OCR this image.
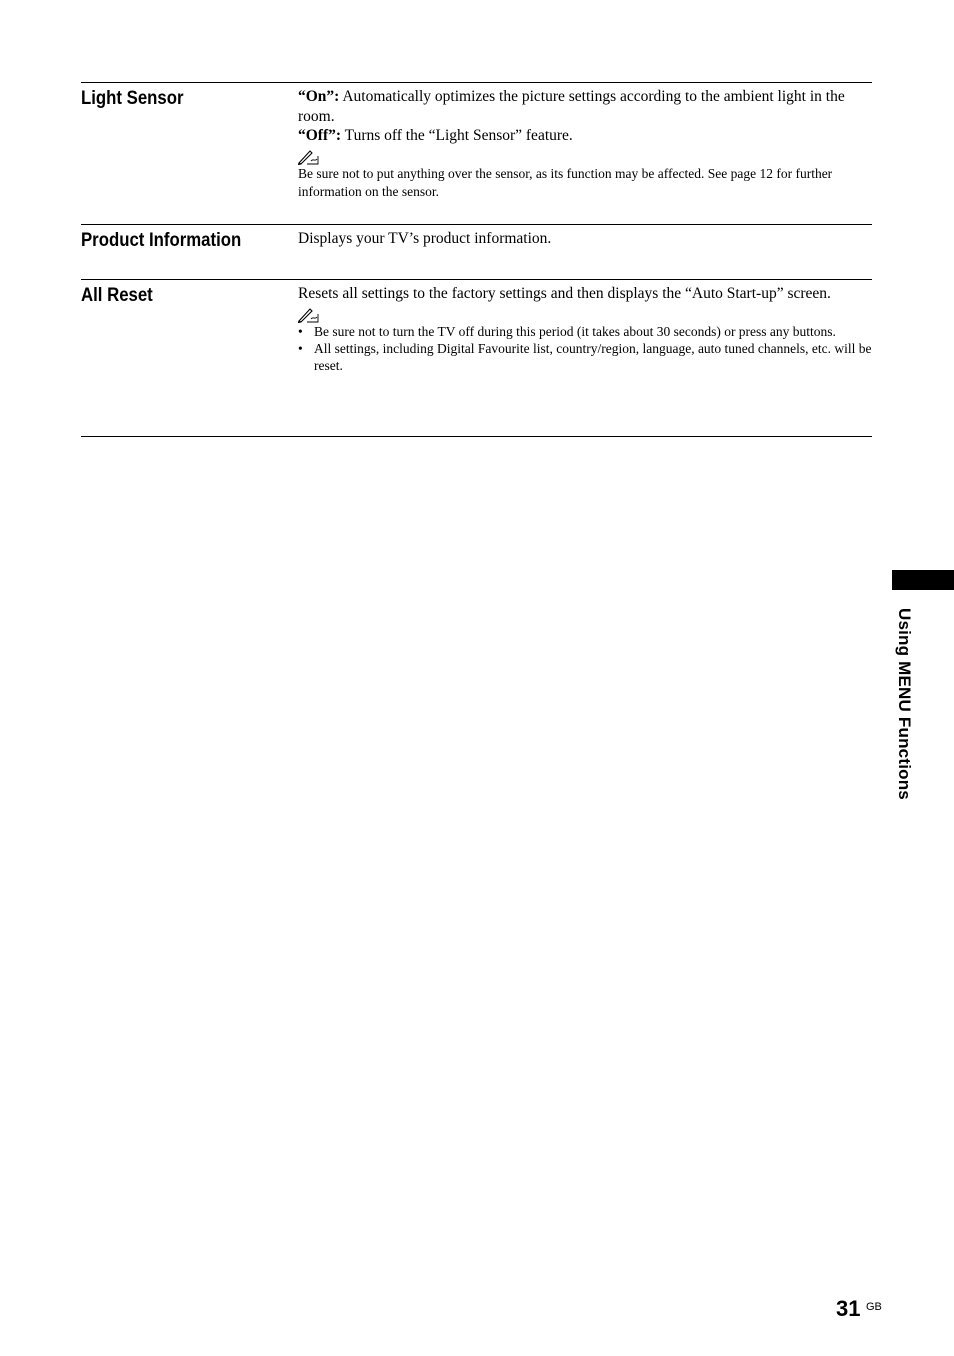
Light Sensor	“On”: Automatically optimizes the picture settings according to the ambient light in the room.
“Off”: Turns off the “Light Sensor” feature.
Be sure not to put anything over the sensor, as its function may be affected. See page 12 for further information on the sensor.
Product Information	Displays your TV’s product information.
All Reset	Resets all settings to the factory settings and then displays the “Auto Start-up” screen.
• Be sure not to turn the TV off during this period (it takes about 30 seconds) or press any buttons.
• All settings, including Digital Favourite list, country/region, language, auto tuned channels, etc. will be reset.
Using MENU Functions
31 GB
